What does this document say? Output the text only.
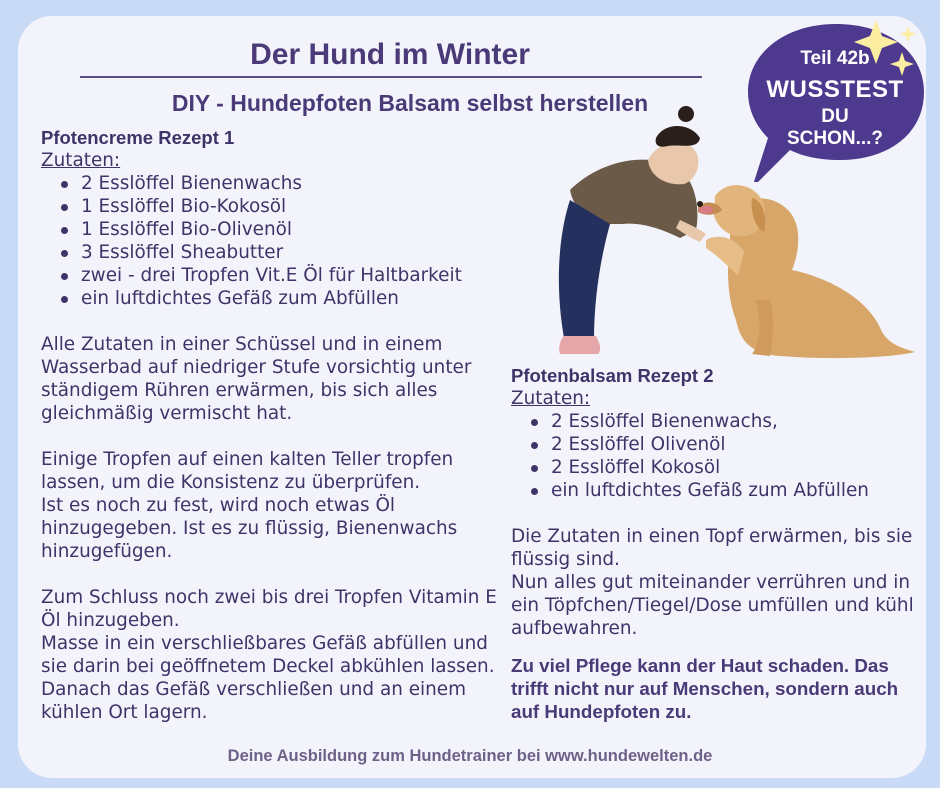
Der Hund im Winter
DIY - Hundepfoten Balsam selbst herstellen
Pfotencreme Rezept 1
Zutaten:
2 Esslöffel Bienenwachs
1 Esslöffel Bio-Kokosöl
1 Esslöffel Bio-Olivenöl
3 Esslöffel Sheabutter
zwei - drei Tropfen Vit.E Öl für Haltbarkeit
ein luftdichtes Gefäß zum Abfüllen
Alle Zutaten in einer Schüssel und in einem Wasserbad auf niedriger Stufe vorsichtig unter ständigem Rühren erwärmen, bis sich alles gleichmäßig vermischt hat.
Einige Tropfen auf einen kalten Teller tropfen lassen, um die Konsistenz zu überprüfen.
Ist es noch zu fest, wird noch etwas Öl hinzugegeben. Ist es zu flüssig, Bienenwachs hinzugefügen.
Zum Schluss noch zwei bis drei Tropfen Vitamin E Öl hinzugeben.
Masse in ein verschließbares Gefäß abfüllen und sie darin bei geöffnetem Deckel abkühlen lassen. Danach das Gefäß verschließen und an einem kühlen Ort lagern.
Pfotenbalsam Rezept 2
Zutaten:
2 Esslöffel Bienenwachs,
2 Esslöffel Olivenöl
2 Esslöffel Kokosöl
ein luftdichtes Gefäß zum Abfüllen
Die Zutaten in einen Topf erwärmen, bis sie flüssig sind.
Nun alles gut miteinander verrühren und in ein Töpfchen/Tiegel/Dose umfüllen und kühl aufbewahren.
Zu viel Pflege kann der Haut schaden. Das trifft nicht nur auf Menschen, sondern auch auf Hundepfoten zu.
Teil 42b
WUSSTEST
DU
SCHON...?
Deine Ausbildung zum Hundetrainer bei www.hundewelten.de
